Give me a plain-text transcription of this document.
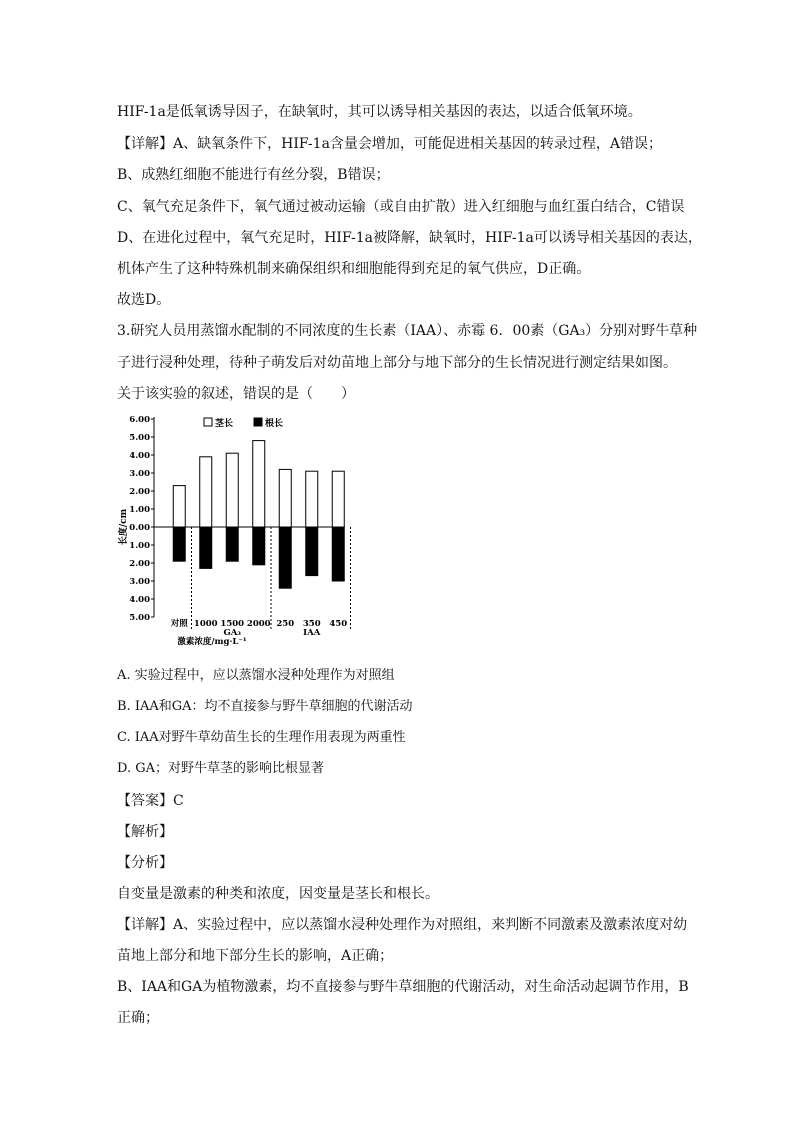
HIF-1a是低氧诱导因子，在缺氧时，其可以诱导相关基因的表达，以适合低氧环境。
【详解】A、缺氧条件下，HIF-1a含量会增加，可能促进相关基因的转录过程，A错误；
B、成熟红细胞不能进行有丝分裂，B错误；
C、氧气充足条件下，氧气通过被动运输（或自由扩散）进入红细胞与血红蛋白结合，C错误
D、在进化过程中，氧气充足时，HIF-1a被降解，缺氧时，HIF-1a可以诱导相关基因的表达，
机体产生了这种特殊机制来确保组织和细胞能得到充足的氧气供应，D正确。
故选D。
3.研究人员用蒸馏水配制的不同浓度的生长素（IAA）、赤霉 6．00素（GA₃）分别对野牛草种
子进行浸种处理，待种子萌发后对幼苗地上部分与地下部分的生长情况进行测定结果如图。
关于该实验的叙述，错误的是（　　）
0.00
1.00
2.00
3.00
4.00
5.00
6.00
1.00
2.00
3.00
4.00
5.00
长度/cm
对照 1000 1500 2000 250 350 450
GA₃	IAA
激素浓度/mg·L⁻¹
茎长	根长
A. 实验过程中，应以蒸馏水浸种处理作为对照组
B. IAA和GA：均不直接参与野牛草细胞的代谢活动
C. IAA对野牛草幼苗生长的生理作用表现为两重性
D. GA；对野牛草茎的影响比根显著
【答案】C
【解析】
【分析】
自变量是激素的种类和浓度，因变量是茎长和根长。
【详解】A、实验过程中，应以蒸馏水浸种处理作为对照组，来判断不同激素及激素浓度对幼
苗地上部分和地下部分生长的影响，A正确；
B、IAA和GA为植物激素，均不直接参与野牛草细胞的代谢活动，对生命活动起调节作用，B
正确；
